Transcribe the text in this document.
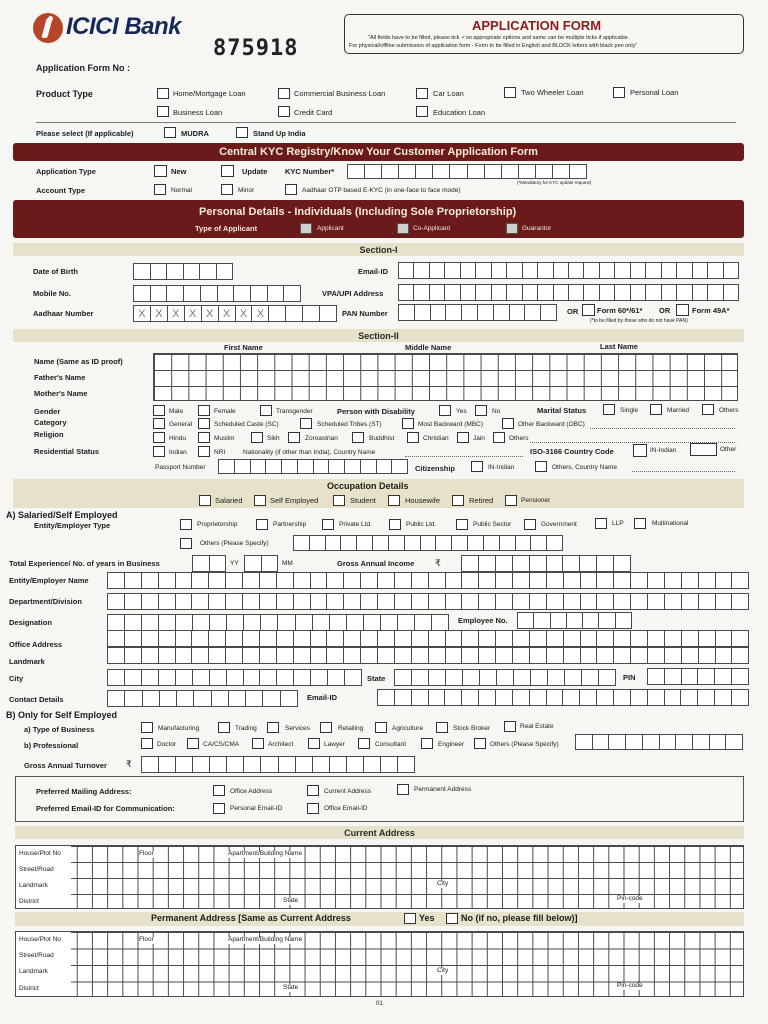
ICICI Bank
875918
Application Form No :
APPLICATION FORM
"All fields have to be filled, please tick ✓on appropriate options and same can be multiple ticks if applicable.
For physical/offline submission of application form - Form to be filled in English and BLOCK letters with black pen only"
Product Type	Home/Mortgage Loan	Commercial Business Loan	Car Loan	Two Wheeler Loan	Personal Loan
Business Loan	Credit Card	Education Loan
Please select (If applicable)	MUDRA	Stand Up India
Central KYC Registry/Know Your Customer Application Form
Application Type	New	Update KYC Number*
(*Mandatory for KYC update request)
Account Type	Normal	Minor	Aadhaar OTP based E-KYC (in one-face to face mode)
Personal Details - Individuals (Including Sole Proprietorship)
Type of Applicant	Applicant	Co-Applicant	Guarantor
Section-I
Date of Birth	Email-ID
Mobile No.	VPA/UPI Address
Aadhaar Number	X X X X X X X X	PAN Number	OR	Form 60*/61* OR	Form 49A*
(*to be filled by those who do not have PAN)
Section-II
First Name	Middle Name	Last Name
Name (Same as ID proof)
Father's Name
Mother's Name
Gender	Male	Female	Transgender	Person with Disability	Yes	No	Marital Status	Single	Married	Others
Category	General	Scheduled Caste (SC)	Scheduled Tribes (ST)	Most Backward (MBC)	Other Backward (OBC)
Religion	Hindu	Muslim	Sikh	Zoroastrian	Buddhist	Christian	Jain	Others
Residential Status	Indian	NRI	Nationality (if other than India), Country Name	ISO-3166 Country Code	IN-Indian	Other
Passport Number	Citizenship	IN-Indian	Others, Country Name
Occupation Details
Salaried	Self Employed	Student	Housewife	Retired	Pensioner
A) Salaried/Self Employed
Entity/Employer Type	Proprietorship	Partnership	Private Ltd.	Public Ltd.	Public Sector	Government	LLP	Multinational
Others (Please Specify)
Total Experience/ No. of years in Business	YY	MM	Gross Annual Income ₹
Entity/Employer Name
Department/Division
Designation	Employee No.
Office Address
Landmark
City	State	PIN
Contact Details	Email-ID
B) Only for Self Employed
a) Type of Business	Manufacturing	Trading	Services	Retailing	Agriculture	Stock Broker	Real Estate
b) Professional	Doctor	CA/CS/CMA	Architect	Lawyer	Consultant	Engineer	Others (Please Specify)
Gross Annual Turnover ₹
Preferred Mailing Address:	Office Address	Current Address	Permanent Address
Preferred Email-ID for Communication:	Personal Email-ID	Office Email-ID
Current Address
House/Plot No	Floor	Apartment/Building Name
Street/Road
Landmark	City
District	State	Pin-code
Permanent Address [Same as Current Address	Yes	No (if no, please fill below)]
House/Plot No	Floor	Apartment/Building Name
Street/Road
Landmark	City
District	State	Pin-code
01
